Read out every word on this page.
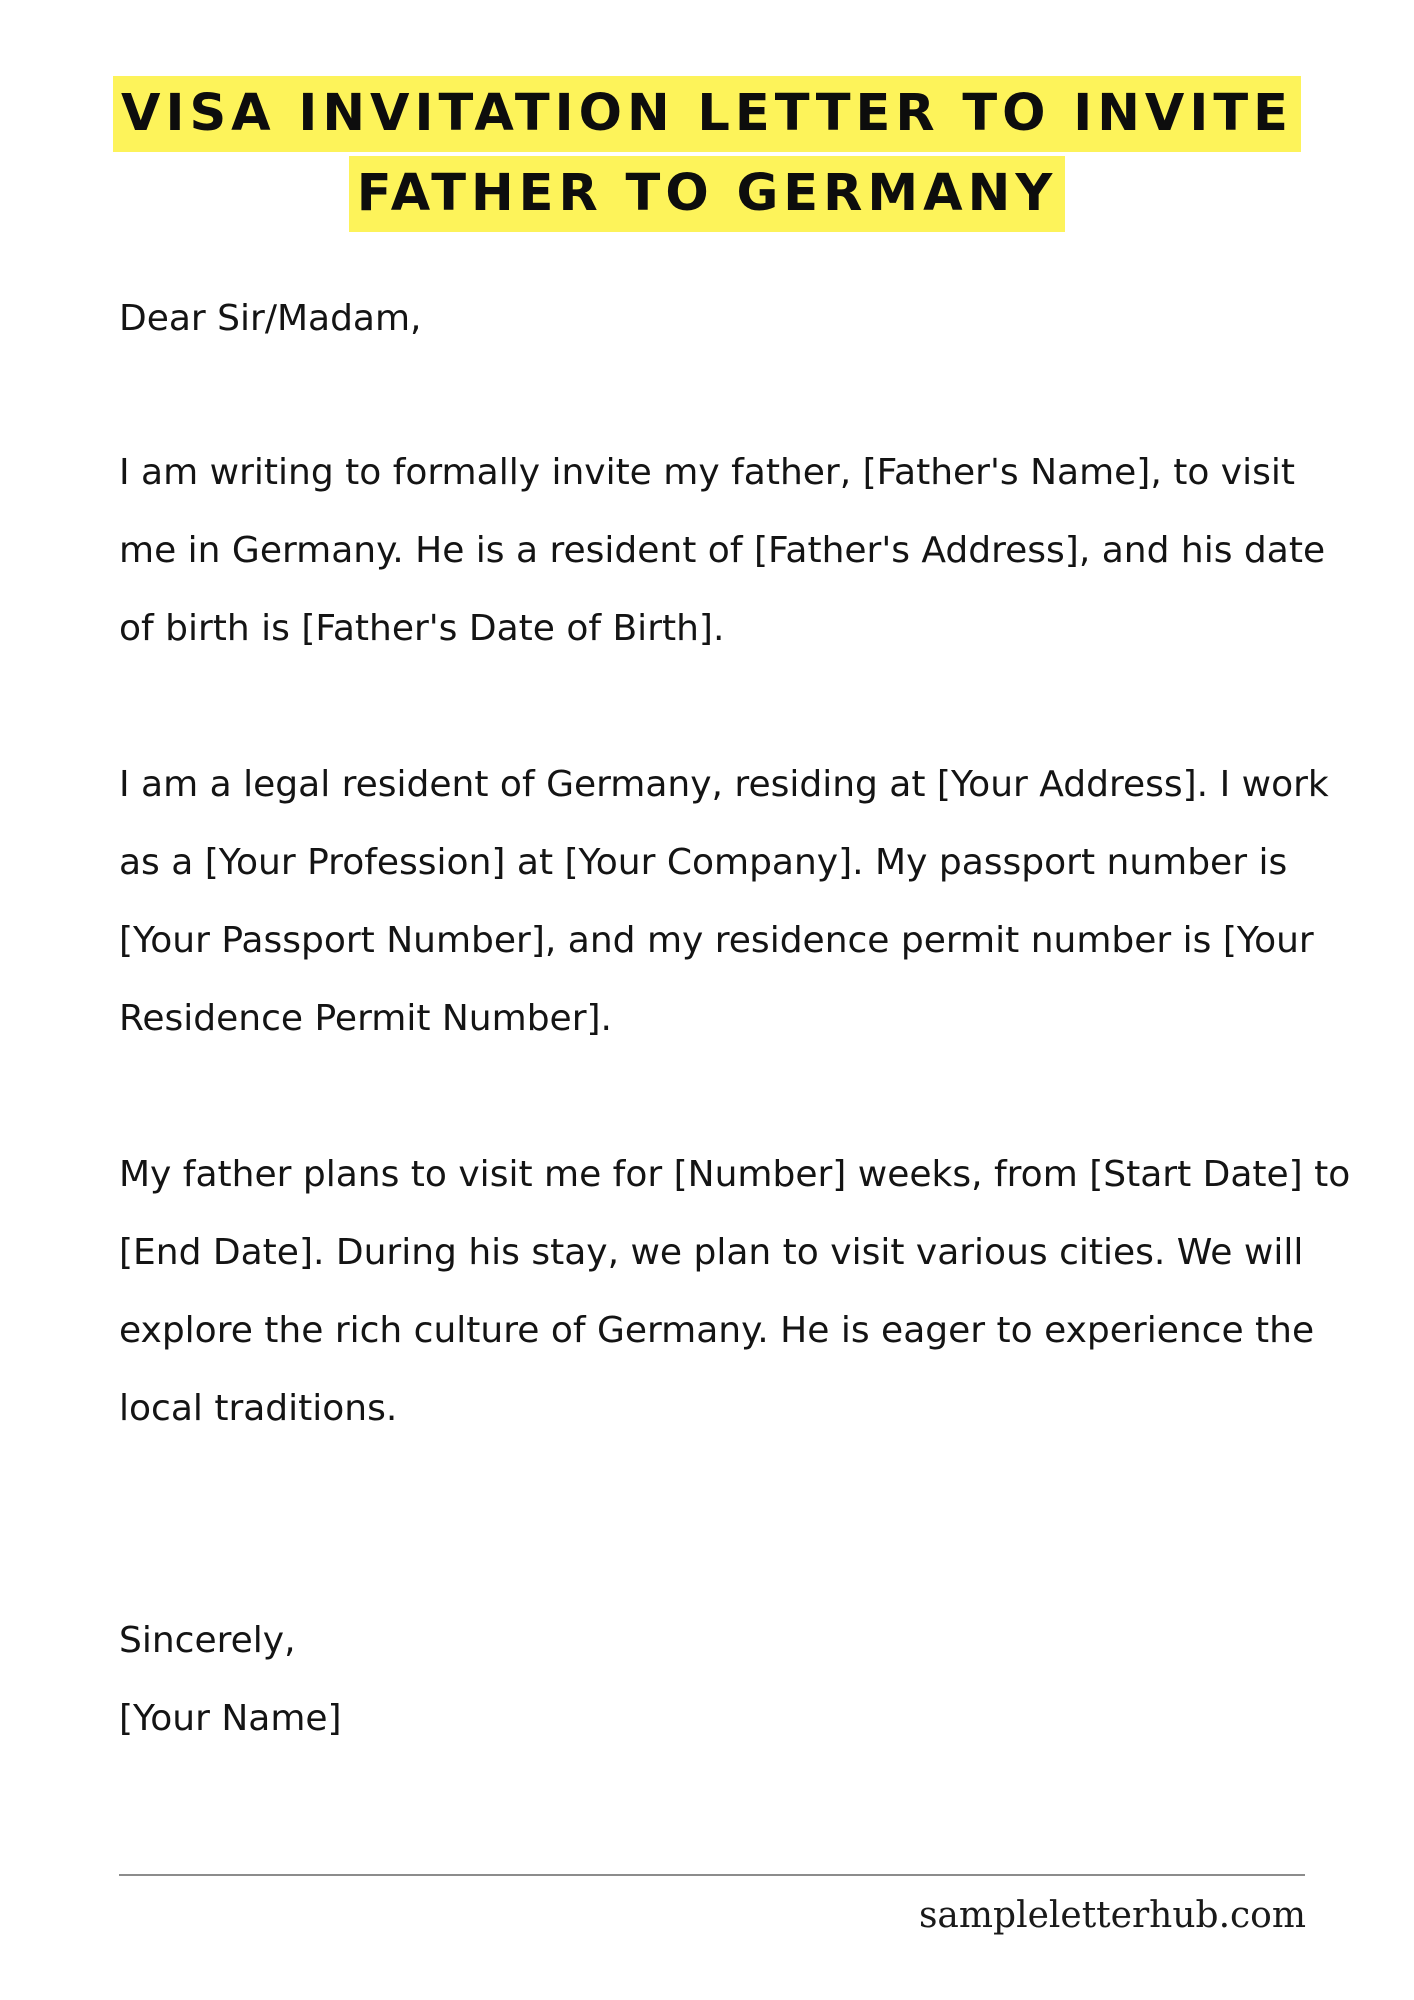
VISA INVITATION LETTER TO INVITE
FATHER TO GERMANY

Dear Sir/Madam,

I am writing to formally invite my father, [Father's Name], to visit me in Germany. He is a resident of [Father's Address], and his date of birth is [Father's Date of Birth].

I am a legal resident of Germany, residing at [Your Address]. I work as a [Your Profession] at [Your Company]. My passport number is [Your Passport Number], and my residence permit number is [Your Residence Permit Number].

My father plans to visit me for [Number] weeks, from [Start Date] to [End Date]. During his stay, we plan to visit various cities. We will explore the rich culture of Germany. He is eager to experience the local traditions.

Sincerely,

[Your Name]

sampleletterhub.com
